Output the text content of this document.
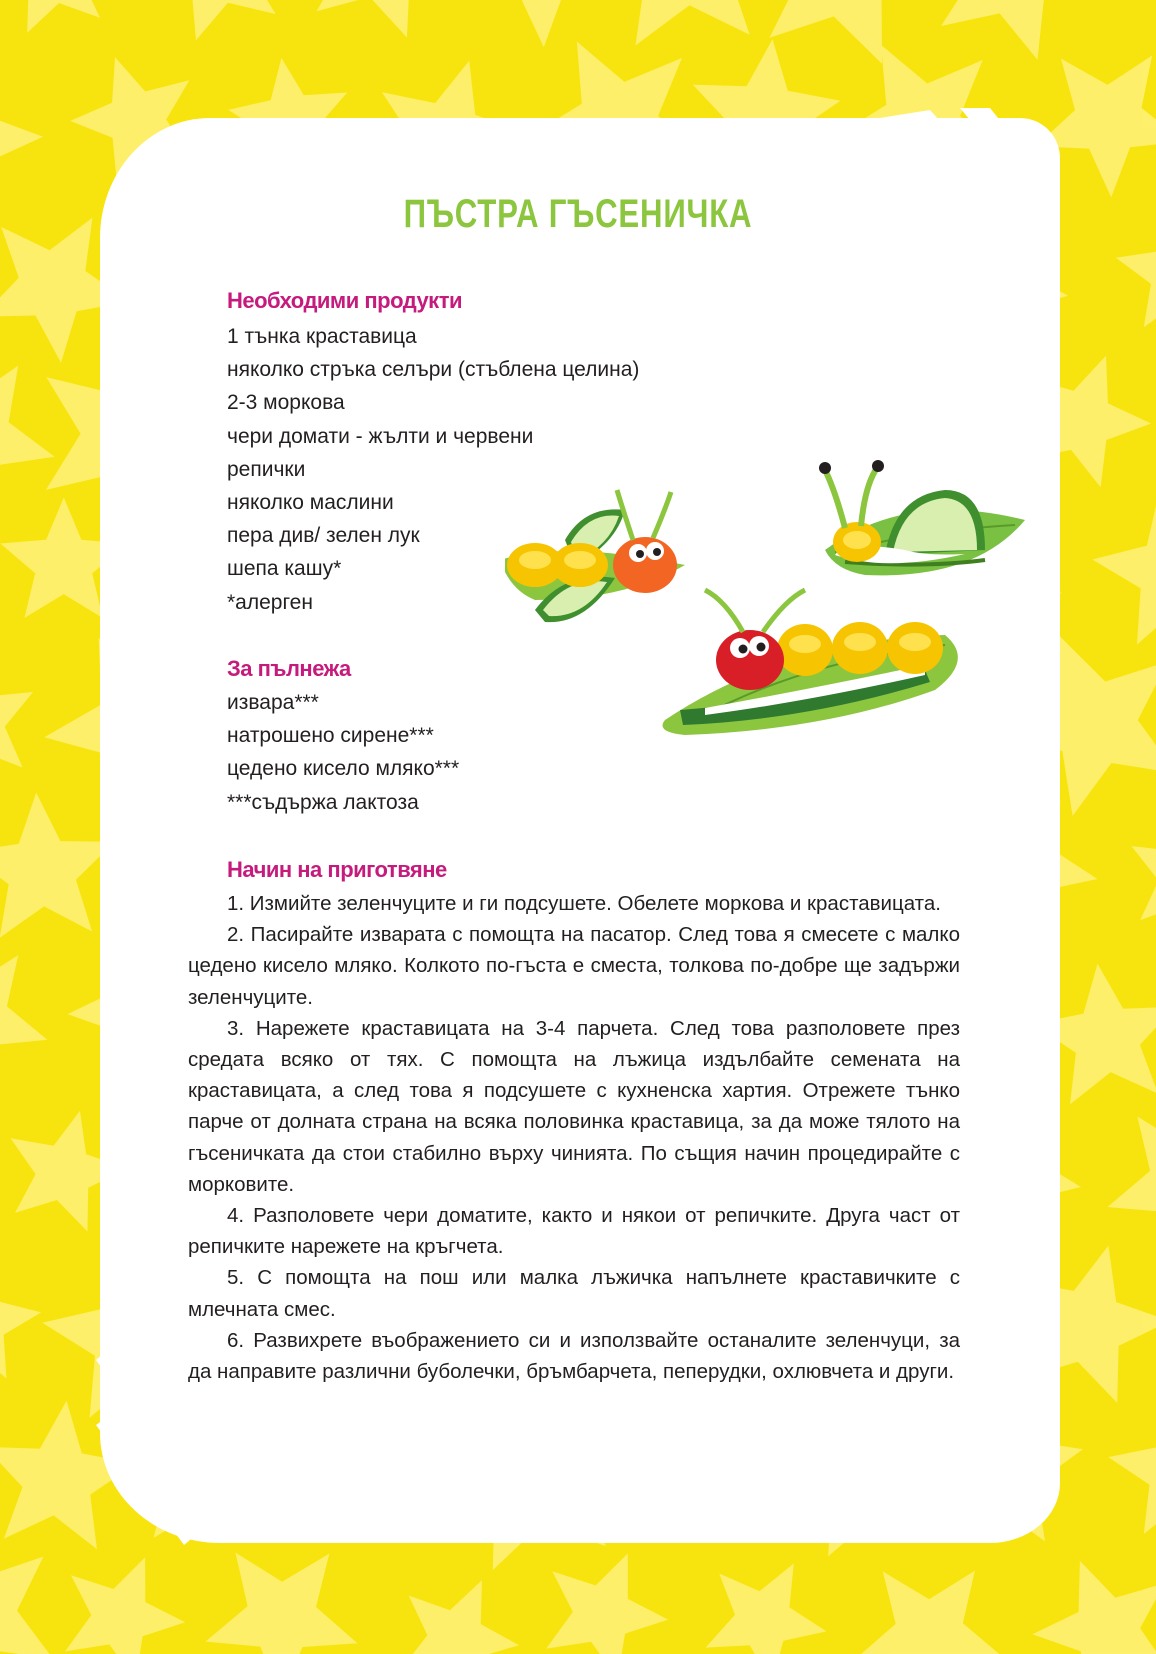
ПЪСТРА ГЪСЕНИЧКА
Необходими продукти
1 тънка краставица
няколко стръка селъри (стъблена целина)
2-3 моркова
чери домати - жълти и червени
репички
няколко маслини
пера див/ зелен лук
шепа кашу*
*алерген
За пълнежа
извара***
натрошено сирене***
цедено кисело мляко***
***съдържа лактоза
Начин на приготвяне

1. Измийте зеленчуците и ги подсушете. Обелете моркова и краставицата.

2. Пасирайте изварата с помощта на пасатор. След това я смесете с малко цедено кисело мляко. Колкото по-гъста е сместа, толкова по-добре ще задържи зеленчуците.

3. Нарежете краставицата на 3-4 парчета. След това разполовете през средата всяко от тях. С помощта на лъжица издълбайте семената на краставицата, а след това я подсушете с кухненска хартия. Отрежете тънко парче от долната страна на всяка половинка краставица, за да може тялото на гъсеничката да стои стабилно върху чинията. По същия начин процедирайте с морковите.

4. Разполовете чери доматите, както и някои от репичките. Друга част от репичките нарежете на кръгчета.

5. С помощта на пош или малка лъжичка напълнете краставичките с млечната смес.

6. Развихрете въображението си и използвайте останалите зеленчуци, за да направите различни буболечки, бръмбарчета, пеперудки, охлювчета и други.
